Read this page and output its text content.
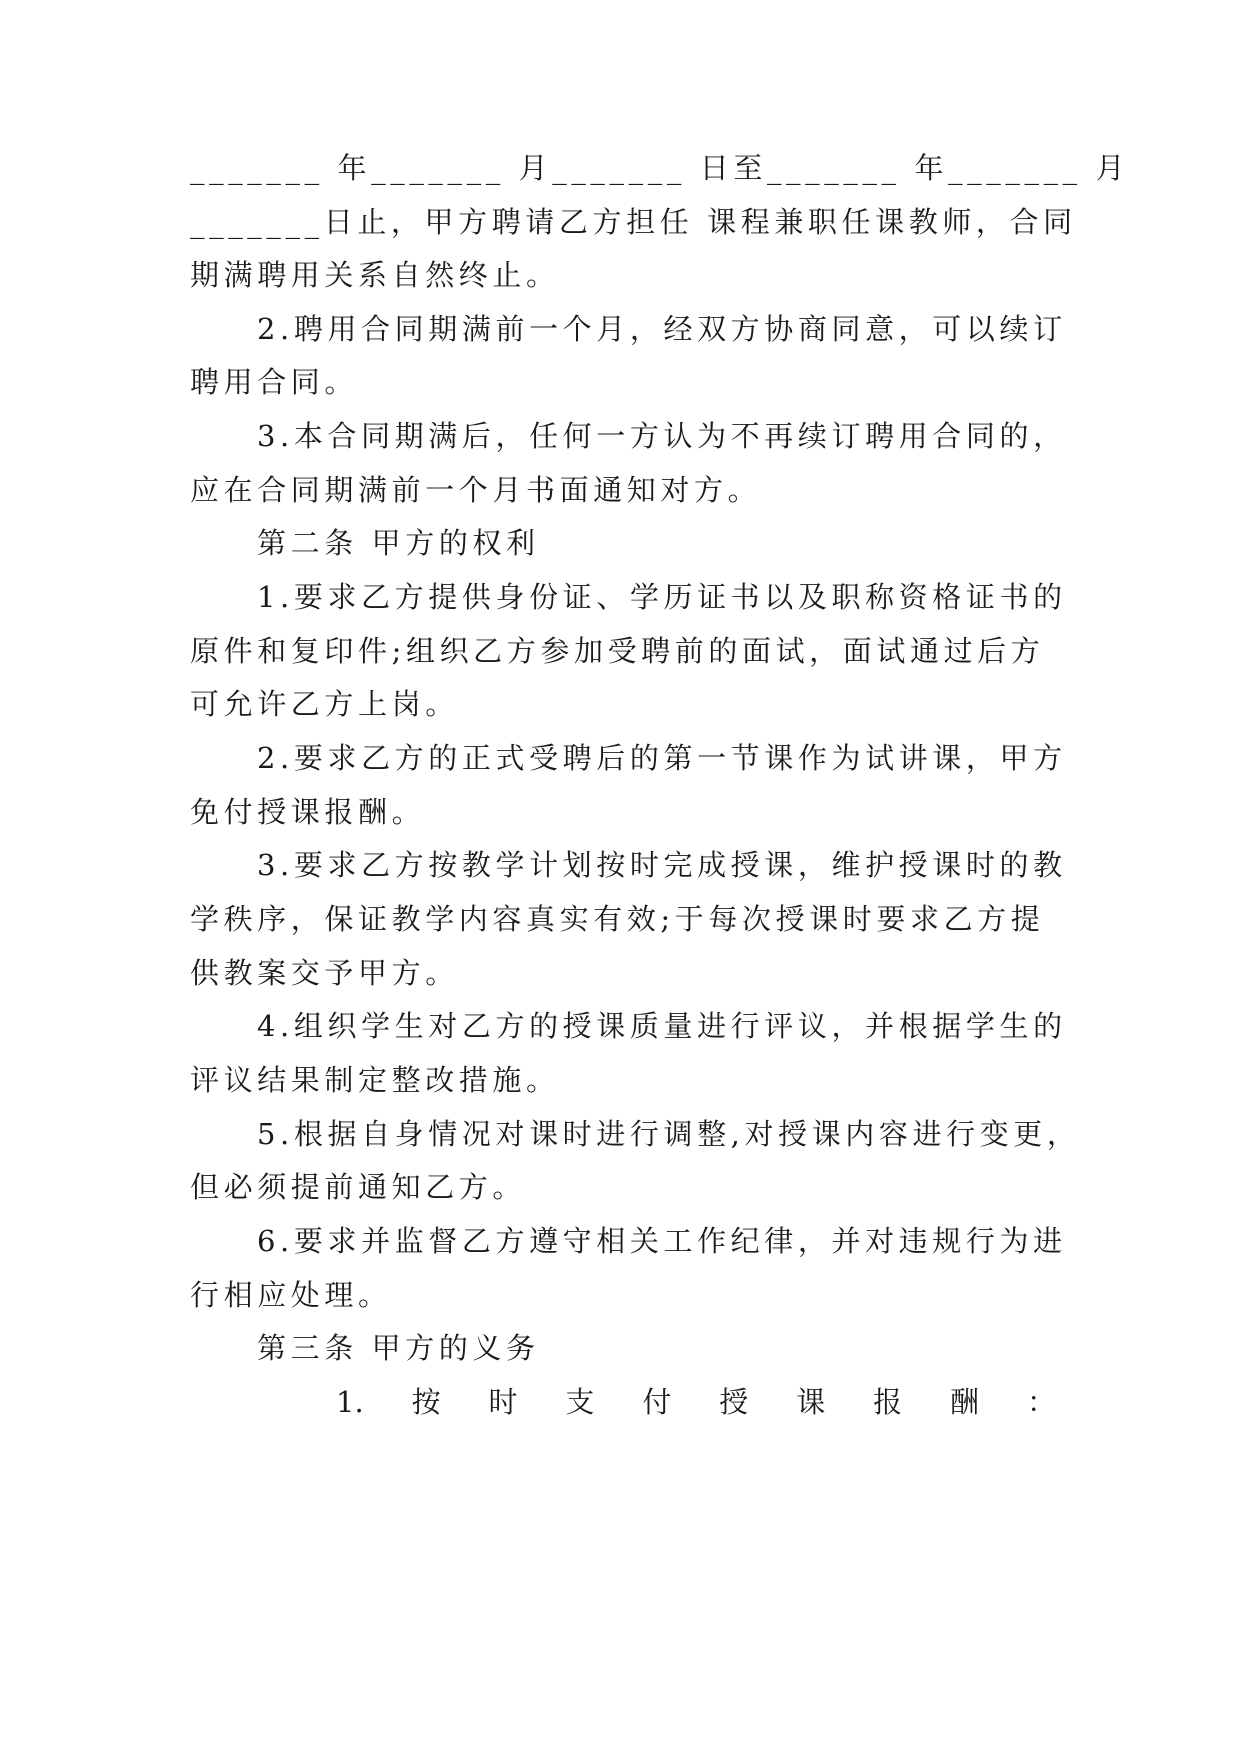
_______ 年_______ 月_______ 日至_______ 年_______ 月
_______日止，甲方聘请乙方担任 课程兼职任课教师，合同
期满聘用关系自然终止。
2.聘用合同期满前一个月，经双方协商同意，可以续订
聘用合同。
3.本合同期满后，任何一方认为不再续订聘用合同的，
应在合同期满前一个月书面通知对方。
第二条 甲方的权利
1.要求乙方提供身份证、学历证书以及职称资格证书的
原件和复印件;组织乙方参加受聘前的面试，面试通过后方
可允许乙方上岗。
2.要求乙方的正式受聘后的第一节课作为试讲课，甲方
免付授课报酬。
3.要求乙方按教学计划按时完成授课，维护授课时的教
学秩序，保证教学内容真实有效;于每次授课时要求乙方提
供教案交予甲方。
4.组织学生对乙方的授课质量进行评议，并根据学生的
评议结果制定整改措施。
5.根据自身情况对课时进行调整,对授课内容进行变更，
但必须提前通知乙方。
6.要求并监督乙方遵守相关工作纪律，并对违规行为进
行相应处理。
第三条 甲方的义务
1. 按 时 支 付 授 课 报 酬 ：
